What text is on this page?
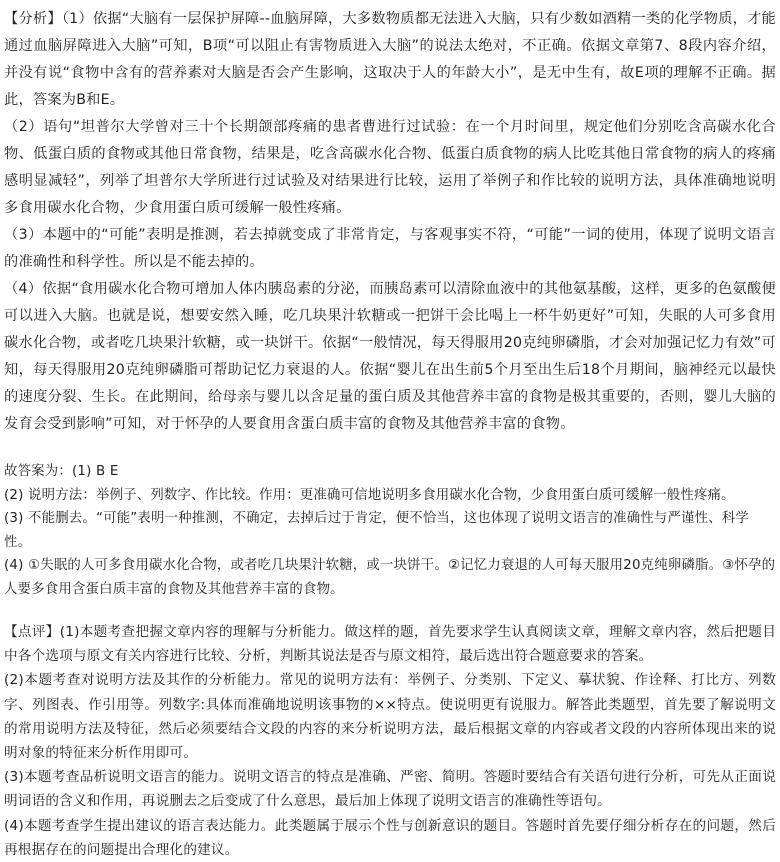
【分析】（1）依据“大脑有一层保护屏障--血脑屏障，大多数物质都无法进入大脑，只有少数如酒精一类的化学物质，才能通过血脑屏障进入大脑”可知，B项“可以阻止有害物质进入大脑”的说法太绝对，不正确。依据文章第7、8段内容介绍，并没有说“食物中含有的营养素对大脑是否会产生影响，这取决于人的年龄大小”，是无中生有，故E项的理解不正确。据此，答案为B和E。

（2）语句“坦普尔大学曾对三十个长期颌部疼痛的患者曹进行过试验：在一个月时间里，规定他们分别吃含高碳水化合物、低蛋白质的食物或其他日常食物，结果是，吃含高碳水化合物、低蛋白质食物的病人比吃其他日常食物的病人的疼痛感明显减轻”，列举了坦普尔大学所进行过试验及对结果进行比较，运用了举例子和作比较的说明方法，具体准确地说明多食用碳水化合物，少食用蛋白质可缓解一般性疼痛。

（3）本题中的“可能”表明是推测，若去掉就变成了非常肯定，与客观事实不符，“可能”一词的使用，体现了说明文语言的准确性和科学性。所以是不能去掉的。

（4）依据“食用碳水化合物可增加人体内胰岛素的分泌，而胰岛素可以清除血液中的其他氨基酸，这样，更多的色氨酸便可以进入大脑。也就是说，想要安然入睡，吃几块果汁软糖或一把饼干会比喝上一杯牛奶更好”可知，失眠的人可多食用碳水化合物，或者吃几块果汁软糖，或一块饼干。依据“一般情况，每天得服用20克纯卵磷脂，才会对加强记忆力有效”可知，每天得服用20克纯卵磷脂可帮助记忆力衰退的人。依据“婴儿在出生前5个月至出生后18个月期间，脑神经元以最快的速度分裂、生长。在此期间，给母亲与婴儿以含足量的蛋白质及其他营养丰富的食物是极其重要的，否则，婴儿大脑的发育会受到影响”可知，对于怀孕的人要食用含蛋白质丰富的食物及其他营养丰富的食物。

故答案为：(1) B E

(2) 说明方法：举例子、列数字、作比较。作用：更准确可信地说明多食用碳水化合物，少食用蛋白质可缓解一般性疼痛。

(3) 不能删去。“可能”表明一种推测，不确定，去掉后过于肯定，便不恰当，这也体现了说明文语言的准确性与严谨性、科学性。

(4) ①失眠的人可多食用碳水化合物，或者吃几块果汁软糖，或一块饼干。②记忆力衰退的人可每天服用20克纯卵磷脂。③怀孕的人要多食用含蛋白质丰富的食物及其他营养丰富的食物。

【点评】(1)本题考查把握文章内容的理解与分析能力。做这样的题，首先要求学生认真阅读文章，理解文章内容，然后把题目中各个选项与原文有关内容进行比较、分析，判断其说法是否与原文相符，最后选出符合题意要求的答案。

(2)本题考查对说明方法及其作的分析能力。常见的说明方法有：举例子、分类别、下定义、摹状貌、作诠释、打比方、列数字、列图表、作引用等。列数字:具体而准确地说明该事物的××特点。使说明更有说服力。解答此类题型，首先要了解说明文的常用说明方法及特征，然后必须要结合文段的内容的来分析说明方法，最后根据文章的内容或者文段的内容所体现出来的说明对象的特征来分析作用即可。

(3)本题考查品析说明文语言的能力。说明文语言的特点是准确、严密、简明。答题时要结合有关语句进行分析，可先从正面说明词语的含义和作用，再说删去之后变成了什么意思，最后加上体现了说明文语言的准确性等语句。

(4)本题考查学生提出建议的语言表达能力。此类题属于展示个性与创新意识的题目。答题时首先要仔细分析存在的问题，然后再根据存在的问题提出合理化的建议。
